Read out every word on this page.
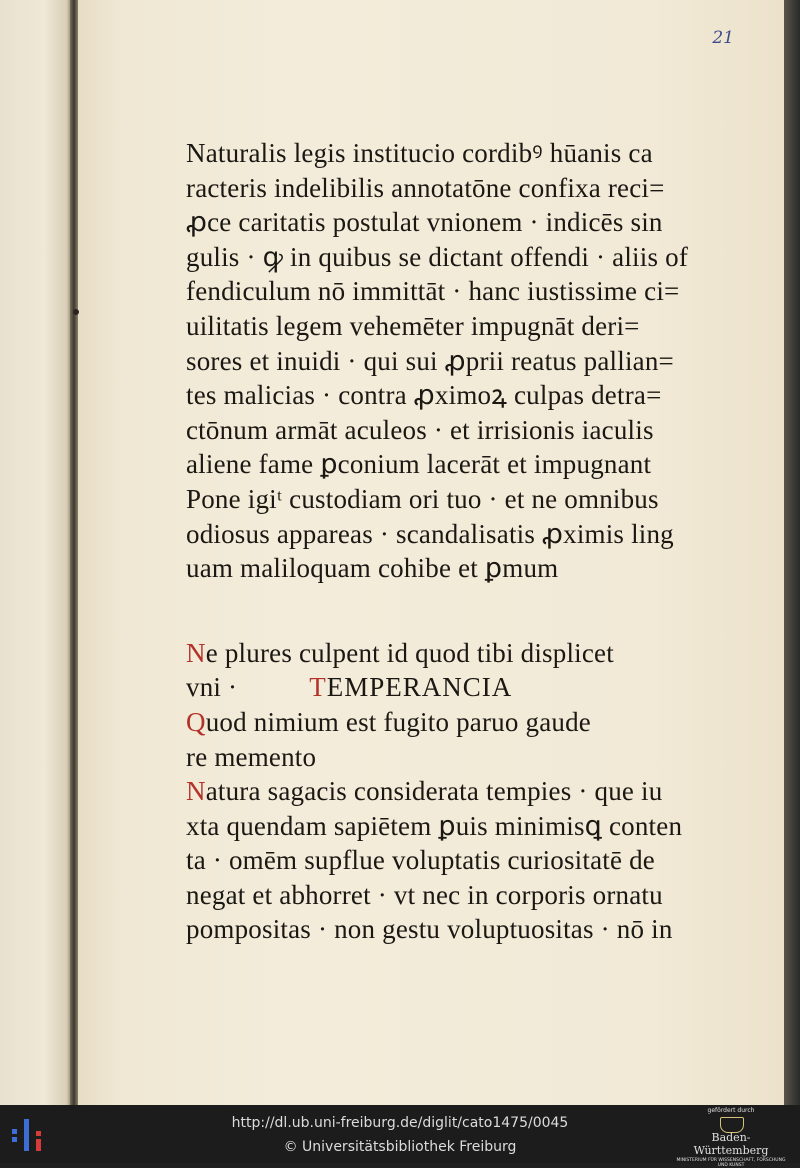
21
Naturalis legis institucio cordibꝰ hūanis ca
racteris indelibilis annotatōne confixa reci=
ꝓce caritatis postulat vnionem · indicēs sin
gulis · ꝙ in quibus se dictant offendi · aliis of
fendiculum nō immittāt · hanc iustissime ci=
uilitatis legem vehemēter impugnāt deri=
sores et inuidi · qui sui ꝓprii reatus pallian=
tes malicias · contra ꝓximoꝝ culpas detra=
ctōnum armāt aculeos · et irrisionis iaculis
aliene fame ꝑconium lacerāt et impugnant
Pone igiᵗ custodiam ori tuo · et ne omnibus
odiosus appareas · scandalisatis ꝓximis ling
uam maliloquam cohibe et ꝑmum
Ne plures culpent id quod tibi displicet
vni ·	TEMPERANCIA
Quod nimium est fugito paruo gaude
re memento
Natura sagacis considerata tempies · que iu
xta quendam sapiētem ꝑuis minimisꝗ conten
ta · omēm supflue voluptatis curiositatē de
negat et abhorret · vt nec in corporis ornatu
pompositas · non gestu voluptuositas · nō in
http://dl.ub.uni-freiburg.de/diglit/cato1475/0045
© Universitätsbibliothek Freiburg
gefördert durch
Baden-Württemberg
MINISTERIUM FÜR WISSENSCHAFT, FORSCHUNG UND KUNST
